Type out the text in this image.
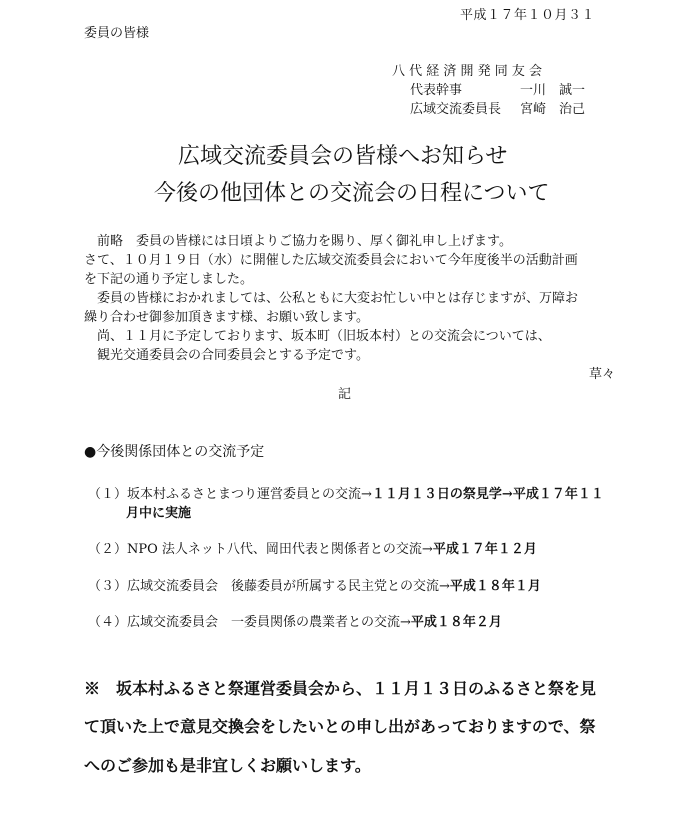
平成１７年１０月３１
委員の皆様
八 代 経 済 開 発 同 友 会
代表幹事	一川　誠一
広域交流委員長 宮崎　治己
広域交流委員会の皆様へお知らせ
今後の他団体との交流会の日程について
　前略　委員の皆様には日頃よりご協力を賜り、厚く御礼申し上げます。
さて、１０月１９日（水）に開催した広域交流委員会において今年度後半の活動計画
を下記の通り予定しました。
　委員の皆様におかれましては、公私ともに大変お忙しい中とは存じますが、万障お
繰り合わせ御参加頂きます様、お願い致します。
　尚、１１月に予定しております、坂本町（旧坂本村）との交流会については、
　観光交通委員会の合同委員会とする予定です。
草々
記
●今後関係団体との交流予定
（１）坂本村ふるさとまつり運営委員との交流→１１月１３日の祭見学→平成１７年１１
月中に実施
（２）NPO 法人ネット八代、岡田代表と関係者との交流→平成１７年１２月
（３）広域交流委員会　後藤委員が所属する民主党との交流→平成１８年１月
（４）広域交流委員会　一委員関係の農業者との交流→平成１８年２月
※　坂本村ふるさと祭運営委員会から、１１月１３日のふるさと祭を見
て頂いた上で意見交換会をしたいとの申し出があっておりますので、祭
へのご参加も是非宜しくお願いします。
